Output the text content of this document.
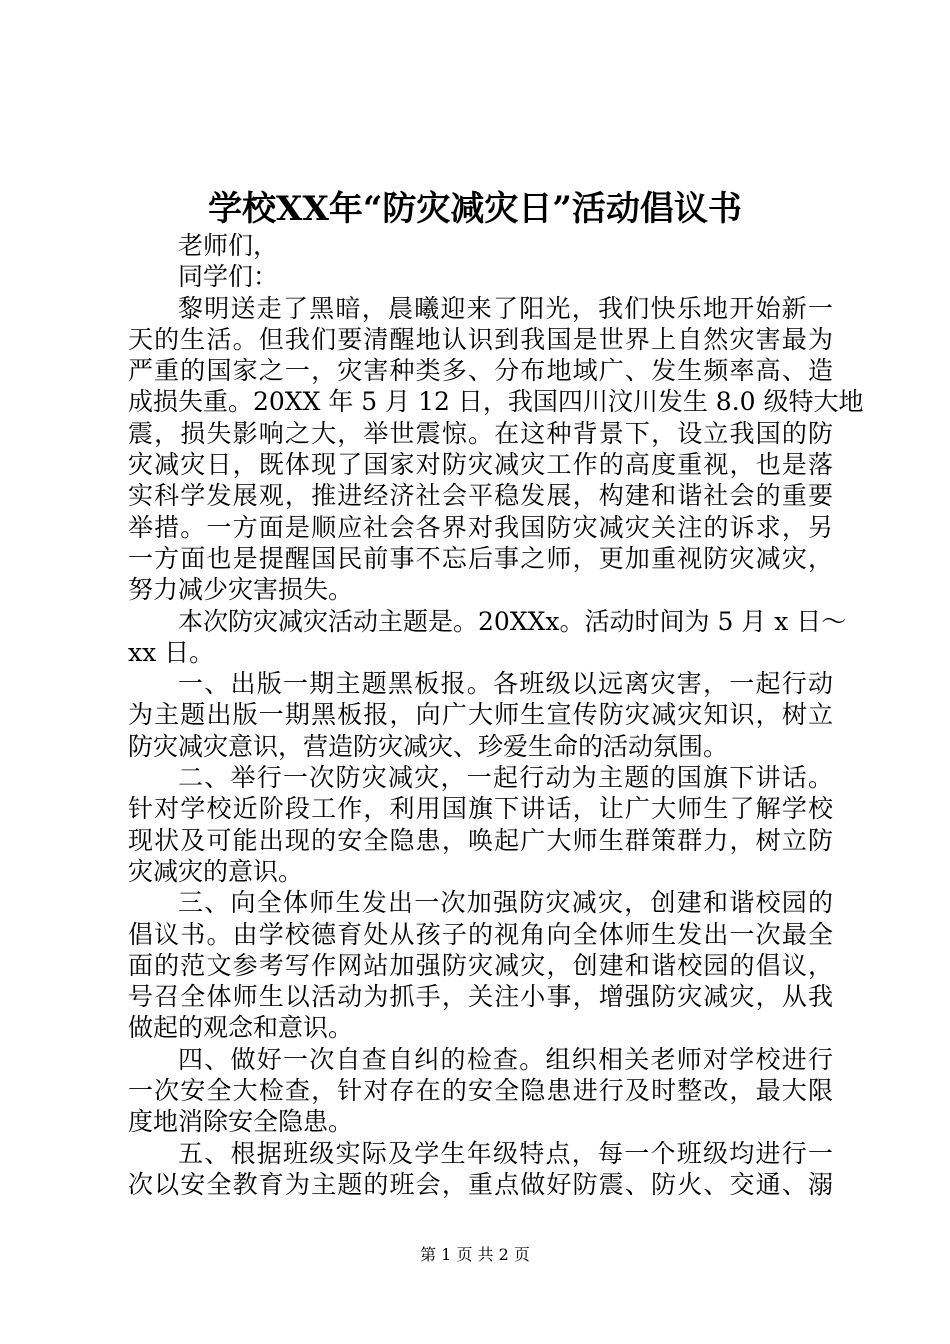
学校XX年“防灾减灾日”活动倡议书
老师们，
同学们：
黎明送走了黑暗，晨曦迎来了阳光，我们快乐地开始新一
天的生活。但我们要清醒地认识到我国是世界上自然灾害最为
严重的国家之一，灾害种类多、分布地域广、发生频率高、造
成损失重。20XX 年 5 月 12 日，我国四川汶川发生 8.0 级特大地
震，损失影响之大，举世震惊。在这种背景下，设立我国的防
灾减灾日，既体现了国家对防灾减灾工作的高度重视，也是落
实科学发展观，推进经济社会平稳发展，构建和谐社会的重要
举措。一方面是顺应社会各界对我国防灾减灾关注的诉求，另
一方面也是提醒国民前事不忘后事之师，更加重视防灾减灾，
努力减少灾害损失。
本次防灾减灾活动主题是。20XXx。活动时间为 5 月 x 日～
xx 日。
一、出版一期主题黑板报。各班级以远离灾害，一起行动
为主题出版一期黑板报，向广大师生宣传防灾减灾知识，树立
防灾减灾意识，营造防灾减灾、珍爱生命的活动氛围。
二、举行一次防灾减灾，一起行动为主题的国旗下讲话。
针对学校近阶段工作，利用国旗下讲话，让广大师生了解学校
现状及可能出现的安全隐患，唤起广大师生群策群力，树立防
灾减灾的意识。
三、向全体师生发出一次加强防灾减灾，创建和谐校园的
倡议书。由学校德育处从孩子的视角向全体师生发出一次最全
面的范文参考写作网站加强防灾减灾，创建和谐校园的倡议，
号召全体师生以活动为抓手，关注小事，增强防灾减灾，从我
做起的观念和意识。
四、做好一次自查自纠的检查。组织相关老师对学校进行
一次安全大检查，针对存在的安全隐患进行及时整改，最大限
度地消除安全隐患。
五、根据班级实际及学生年级特点，每一个班级均进行一
次以安全教育为主题的班会，重点做好防震、防火、交通、溺
第 1 页 共 2 页
